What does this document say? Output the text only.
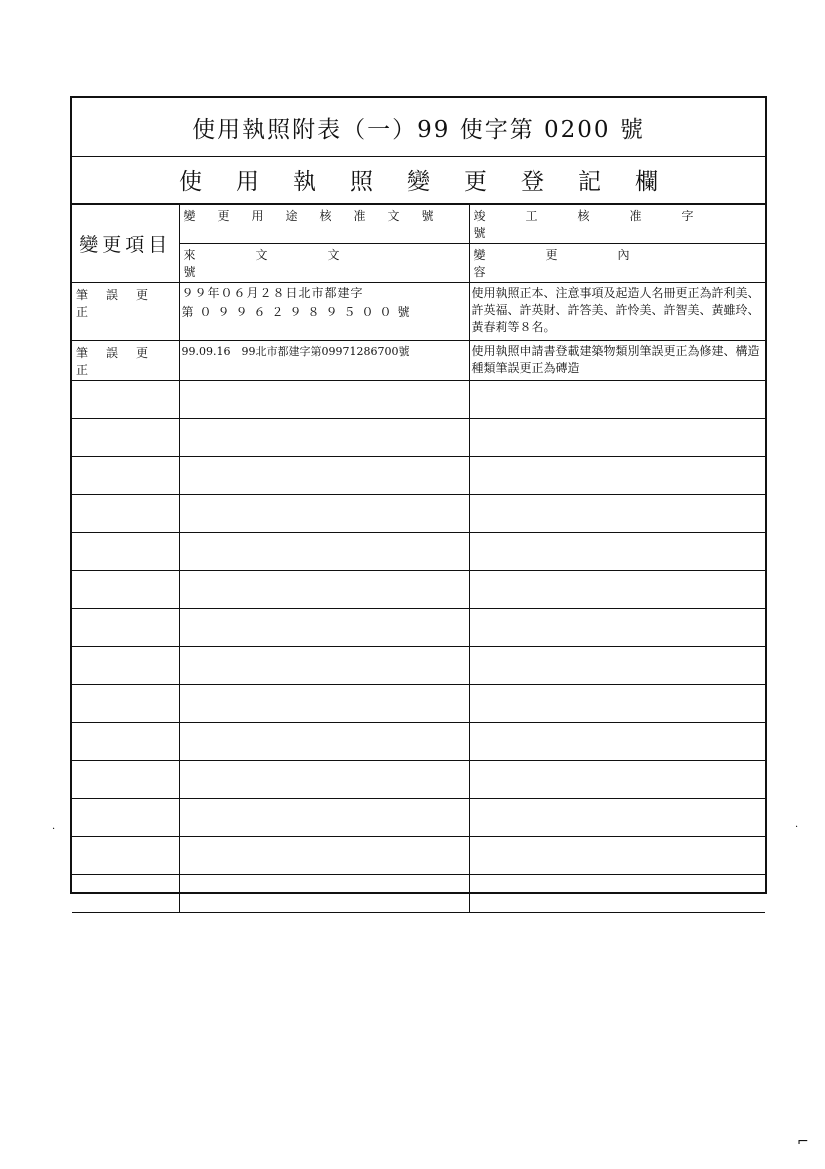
使用執照附表（一）99 使字第 0200 號
使用執照變更登記欄
變更項目	變更用途核准文號	竣工核准字號

	來文文號	變更內容

筆誤更正	９９年０６月２８日北市都建字
第０９９６２９８９５００號	使用執照正本、注意事項及起造人名冊更正為許利美、許英福、許英財、許答美、許怜美、許智美、黃雖玲、黃春莉等８名。

筆誤更正	99.09.16　99北市都建字第09971286700號	使用執照申請書登載建築物類別筆誤更正為修建、構造種類筆誤更正為磚造

·	·
⌐
